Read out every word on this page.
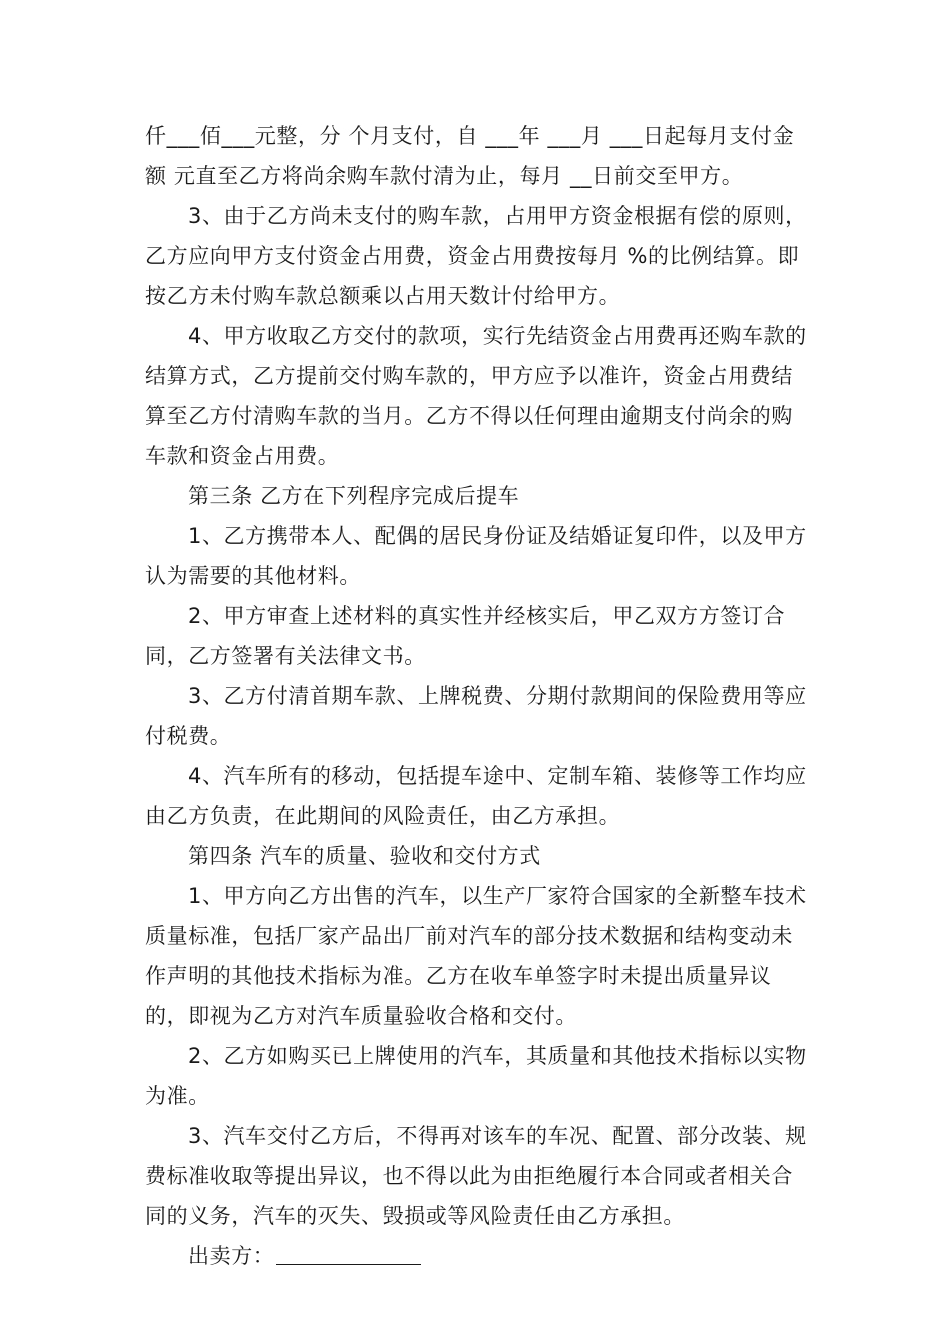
仟___佰___元整，分 个月支付，自 ___年 ___月 ___日起每月支付金额 元直至乙方将尚余购车款付清为止，每月 __日前交至甲方。

3、由于乙方尚未支付的购车款，占用甲方资金根据有偿的原则，乙方应向甲方支付资金占用费，资金占用费按每月 %的比例结算。即按乙方未付购车款总额乘以占用天数计付给甲方。

4、甲方收取乙方交付的款项，实行先结资金占用费再还购车款的结算方式，乙方提前交付购车款的，甲方应予以准许，资金占用费结算至乙方付清购车款的当月。乙方不得以任何理由逾期支付尚余的购车款和资金占用费。

第三条 乙方在下列程序完成后提车

1、乙方携带本人、配偶的居民身份证及结婚证复印件，以及甲方认为需要的其他材料。

2、甲方审查上述材料的真实性并经核实后，甲乙双方方签订合同，乙方签署有关法律文书。

3、乙方付清首期车款、上牌税费、分期付款期间的保险费用等应付税费。

4、汽车所有的移动，包括提车途中、定制车箱、装修等工作均应由乙方负责，在此期间的风险责任，由乙方承担。

第四条 汽车的质量、验收和交付方式

1、甲方向乙方出售的汽车，以生产厂家符合国家的全新整车技术质量标准，包括厂家产品出厂前对汽车的部分技术数据和结构变动未作声明的其他技术指标为准。乙方在收车单签字时未提出质量异议的，即视为乙方对汽车质量验收合格和交付。

2、乙方如购买已上牌使用的汽车，其质量和其他技术指标以实物为准。

3、汽车交付乙方后，不得再对该车的车况、配置、部分改装、规费标准收取等提出异议，也不得以此为由拒绝履行本合同或者相关合同的义务，汽车的灭失、毁损或等风险责任由乙方承担。

出卖方：
